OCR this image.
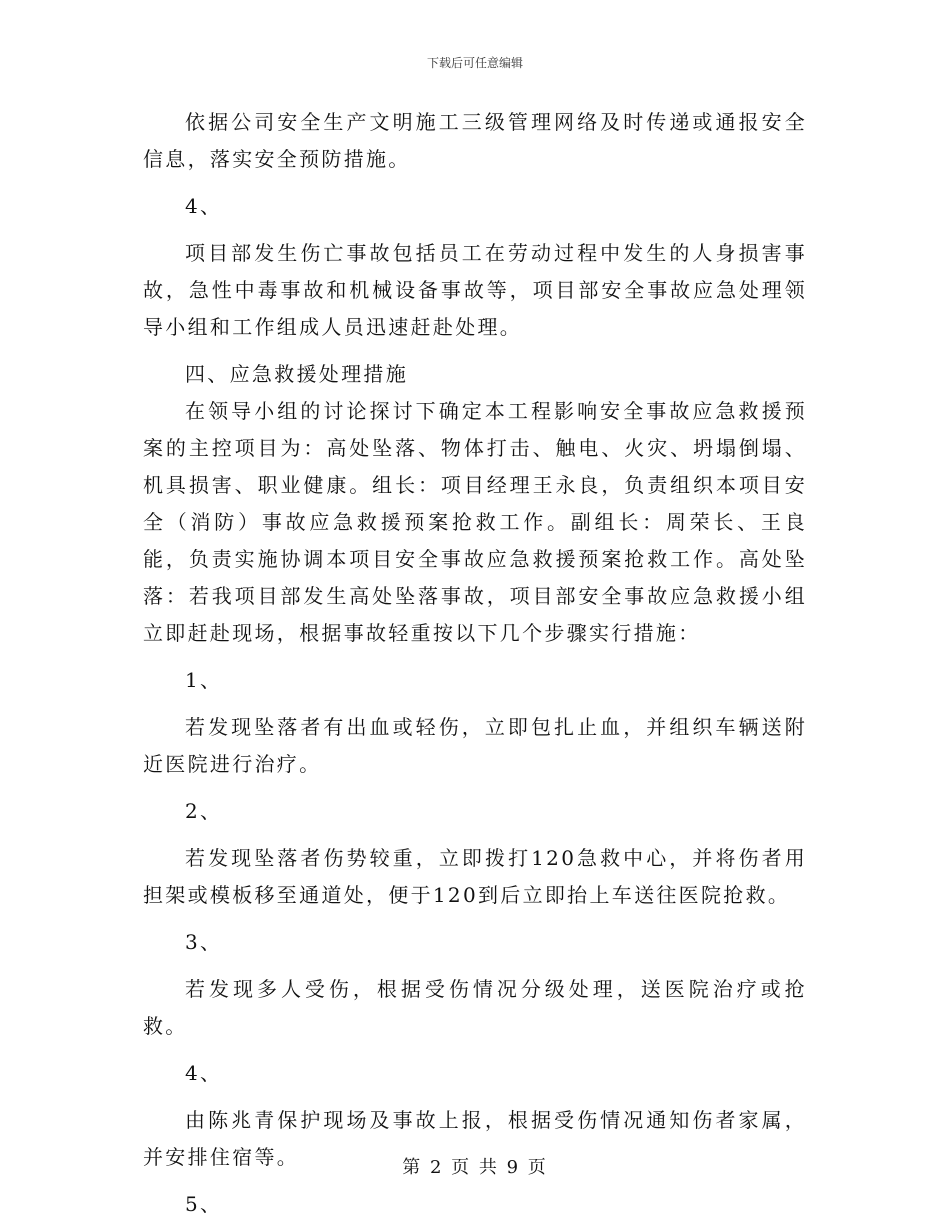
下载后可任意编辑

依据公司安全生产文明施工三级管理网络及时传递或通报安全信息，落实安全预防措施。

4、

项目部发生伤亡事故包括员工在劳动过程中发生的人身损害事故，急性中毒事故和机械设备事故等，项目部安全事故应急处理领导小组和工作组成人员迅速赶赴处理。

四、应急救援处理措施

在领导小组的讨论探讨下确定本工程影响安全事故应急救援预案的主控项目为：高处坠落、物体打击、触电、火灾、坍塌倒塌、机具损害、职业健康。组长：项目经理王永良，负责组织本项目安全（消防）事故应急救援预案抢救工作。副组长：周荣长、王良能，负责实施协调本项目安全事故应急救援预案抢救工作。高处坠落：若我项目部发生高处坠落事故，项目部安全事故应急救援小组立即赶赴现场，根据事故轻重按以下几个步骤实行措施：

1、

若发现坠落者有出血或轻伤，立即包扎止血，并组织车辆送附近医院进行治疗。

2、

若发现坠落者伤势较重，立即拨打120急救中心，并将伤者用担架或模板移至通道处，便于120到后立即抬上车送往医院抢救。

3、

若发现多人受伤，根据受伤情况分级处理，送医院治疗或抢救。

4、

由陈兆青保护现场及事故上报，根据受伤情况通知伤者家属，并安排住宿等。

5、

第 2 页 共 9 页
